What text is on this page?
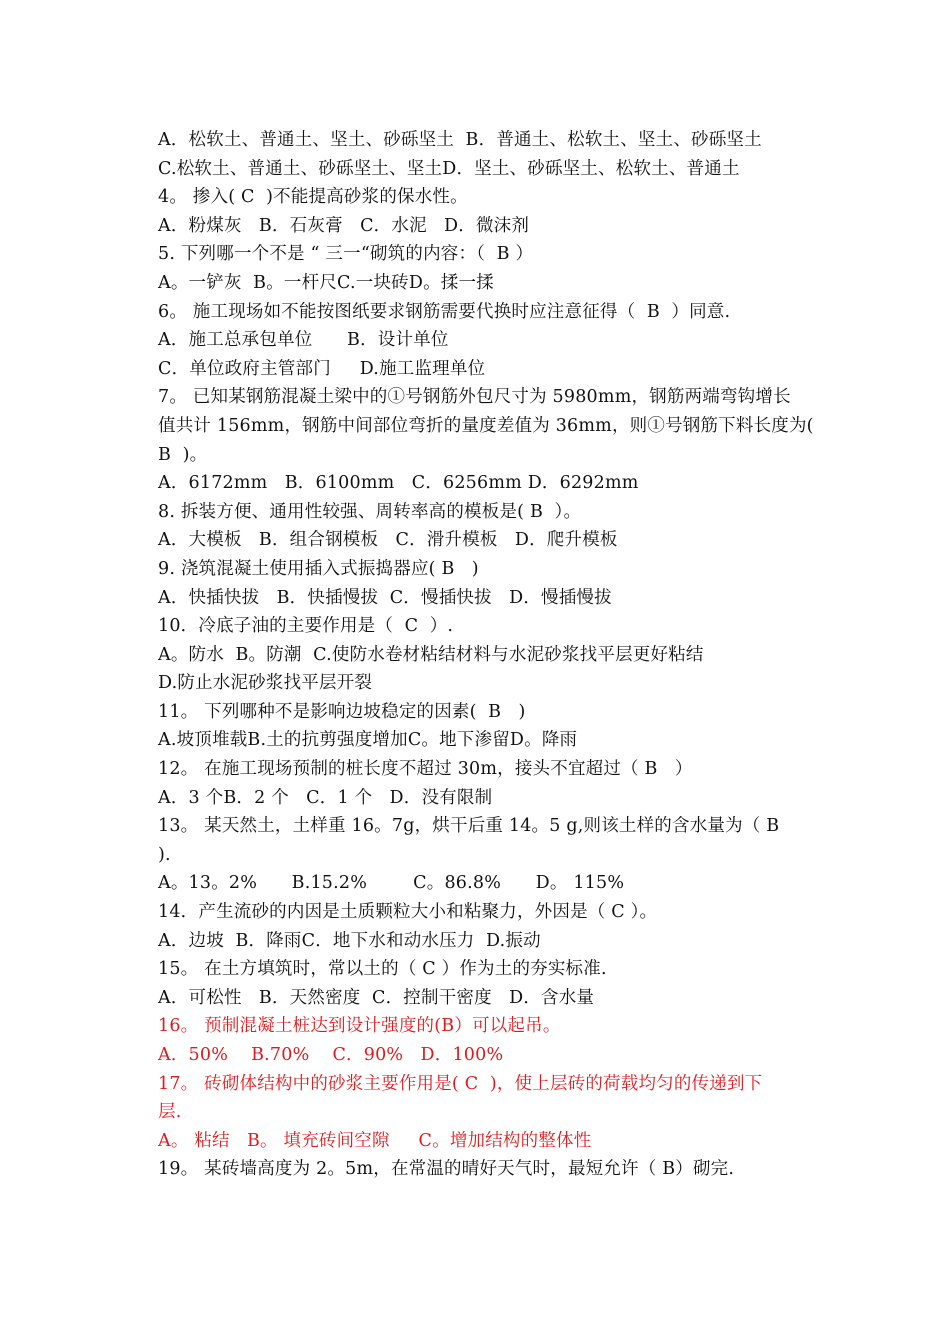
A．松软土、普通土、坚土、砂砾坚土  B．普通土、松软土、坚土、砂砾坚土
C.松软土、普通土、砂砾坚土、坚土D．坚土、砂砾坚土、松软土、普通土
4。 掺入( C  )不能提高砂浆的保水性。
A．粉煤灰   B．石灰膏   C．水泥   D．微沫剂
5. 下列哪一个不是 “ 三一“砌筑的内容：（  B ）
A。一铲灰  B。一杆尺C.一块砖D。揉一揉
6。 施工现场如不能按图纸要求钢筋需要代换时应注意征得（  B  ）同意.
A．施工总承包单位      B．设计单位
C．单位政府主管部门     D.施工监理单位
7。 已知某钢筋混凝土梁中的①号钢筋外包尺寸为 5980mm，钢筋两端弯钩增长
值共计 156mm，钢筋中间部位弯折的量度差值为 36mm，则①号钢筋下料长度为(
B  )。
A．6172mm   B．6100mm   C．6256mm D．6292mm
8. 拆装方便、通用性较强、周转率高的模板是( B  ）。
A．大模板   B．组合钢模板   C．滑升模板   D．爬升模板
9. 浇筑混凝土使用插入式振捣器应( B   )
A．快插快拔   B．快插慢拔  C．慢插快拔   D．慢插慢拔
10．冷底子油的主要作用是（  C  ）.
A。防水  B。防潮  C.使防水卷材粘结材料与水泥砂浆找平层更好粘结
D.防止水泥砂浆找平层开裂
11。 下列哪种不是影响边坡稳定的因素(  B   )
A.坡顶堆载B.土的抗剪强度增加C。地下渗留D。降雨
12。 在施工现场预制的桩长度不超过 30m，接头不宜超过（ B   ）
A．3 个B．2 个   C．1 个   D．没有限制
13。 某天然土，土样重 16。7g，烘干后重 14。5 g,则该土样的含水量为（ B
).
A。13。2%      B.15.2%        C。86.8%      D。 115%
14．产生流砂的内因是土质颗粒大小和粘聚力，外因是（ C ）。
A．边坡  B．降雨C．地下水和动水压力  D.振动
15。 在土方填筑时，常以土的（ C ）作为土的夯实标准.
A．可松性   B．天然密度  C．控制干密度   D．含水量
16。 预制混凝土桩达到设计强度的(B）可以起吊。
A．50%    B.70%    C．90%   D．100%
17。 砖砌体结构中的砂浆主要作用是( C  )，使上层砖的荷载均匀的传递到下
层.
A。 粘结   B。 填充砖间空隙     C。增加结构的整体性
19。 某砖墙高度为 2。5m，在常温的晴好天气时，最短允许（ B）砌完.
